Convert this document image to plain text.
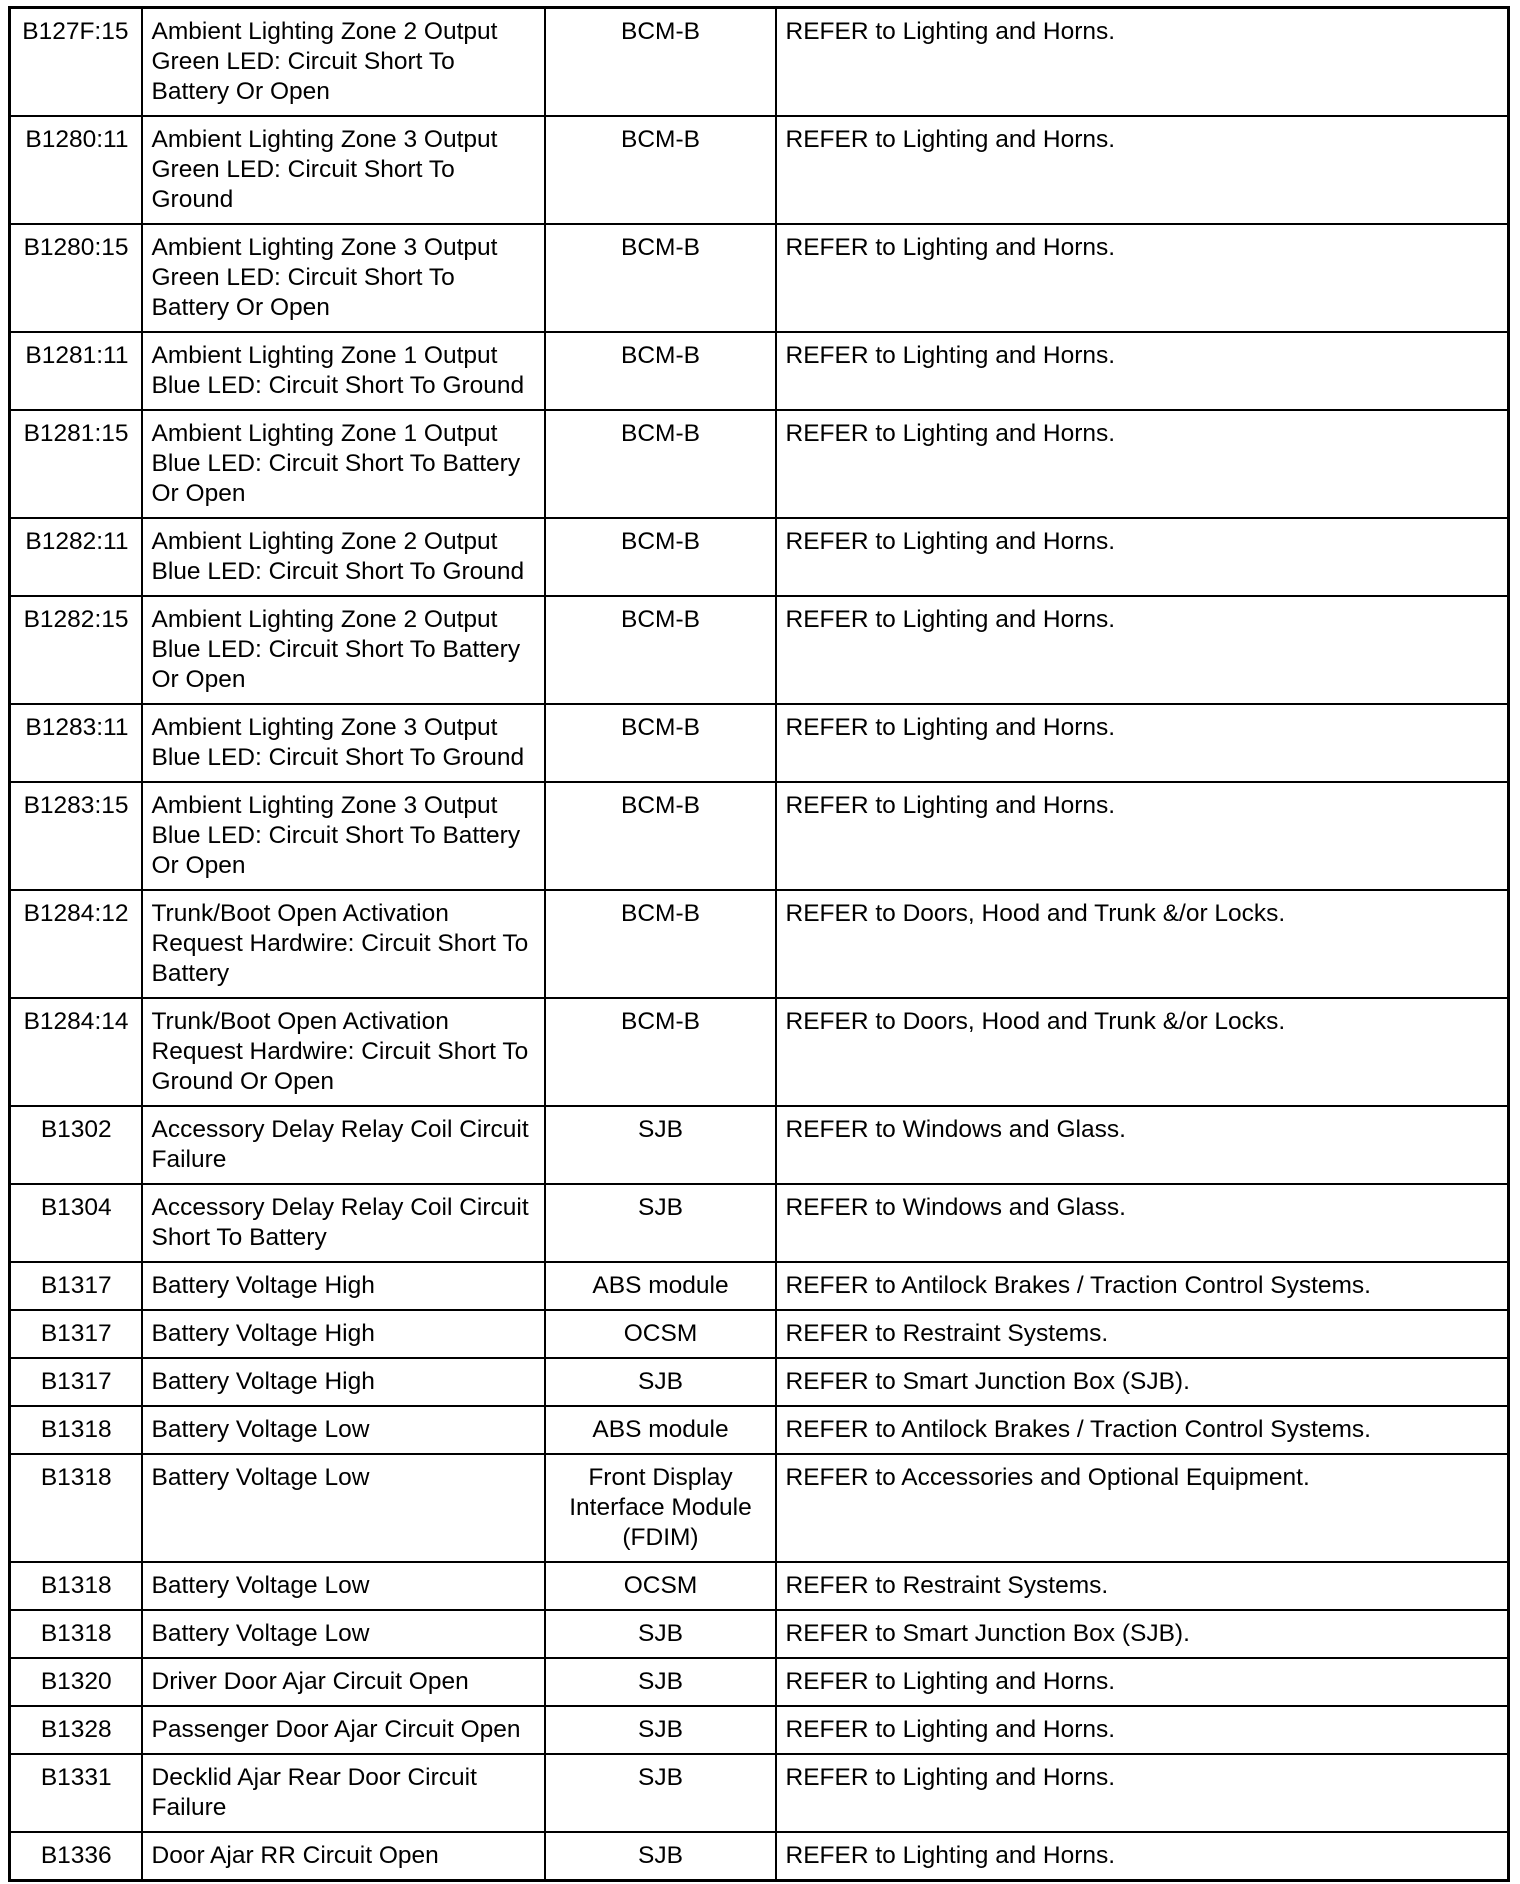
B127F:15	Ambient Lighting Zone 2 Output Green LED: Circuit Short To Battery Or Open	BCM-B	REFER to Lighting and Horns.
B1280:11	Ambient Lighting Zone 3 Output Green LED: Circuit Short To Ground	BCM-B	REFER to Lighting and Horns.
B1280:15	Ambient Lighting Zone 3 Output Green LED: Circuit Short To Battery Or Open	BCM-B	REFER to Lighting and Horns.
B1281:11	Ambient Lighting Zone 1 Output Blue LED: Circuit Short To Ground	BCM-B	REFER to Lighting and Horns.
B1281:15	Ambient Lighting Zone 1 Output Blue LED: Circuit Short To Battery Or Open	BCM-B	REFER to Lighting and Horns.
B1282:11	Ambient Lighting Zone 2 Output Blue LED: Circuit Short To Ground	BCM-B	REFER to Lighting and Horns.
B1282:15	Ambient Lighting Zone 2 Output Blue LED: Circuit Short To Battery Or Open	BCM-B	REFER to Lighting and Horns.
B1283:11	Ambient Lighting Zone 3 Output Blue LED: Circuit Short To Ground	BCM-B	REFER to Lighting and Horns.
B1283:15	Ambient Lighting Zone 3 Output Blue LED: Circuit Short To Battery Or Open	BCM-B	REFER to Lighting and Horns.
B1284:12	Trunk/Boot Open Activation Request Hardwire: Circuit Short To Battery	BCM-B	REFER to Doors, Hood and Trunk &/or Locks.
B1284:14	Trunk/Boot Open Activation Request Hardwire: Circuit Short To Ground Or Open	BCM-B	REFER to Doors, Hood and Trunk &/or Locks.
B1302	Accessory Delay Relay Coil Circuit Failure	SJB	REFER to Windows and Glass.
B1304	Accessory Delay Relay Coil Circuit Short To Battery	SJB	REFER to Windows and Glass.
B1317	Battery Voltage High	ABS module	REFER to Antilock Brakes / Traction Control Systems.
B1317	Battery Voltage High	OCSM	REFER to Restraint Systems.
B1317	Battery Voltage High	SJB	REFER to Smart Junction Box (SJB).
B1318	Battery Voltage Low	ABS module	REFER to Antilock Brakes / Traction Control Systems.
B1318	Battery Voltage Low	Front Display Interface Module (FDIM)	REFER to Accessories and Optional Equipment.
B1318	Battery Voltage Low	OCSM	REFER to Restraint Systems.
B1318	Battery Voltage Low	SJB	REFER to Smart Junction Box (SJB).
B1320	Driver Door Ajar Circuit Open	SJB	REFER to Lighting and Horns.
B1328	Passenger Door Ajar Circuit Open	SJB	REFER to Lighting and Horns.
B1331	Decklid Ajar Rear Door Circuit Failure	SJB	REFER to Lighting and Horns.
B1336	Door Ajar RR Circuit Open	SJB	REFER to Lighting and Horns.
